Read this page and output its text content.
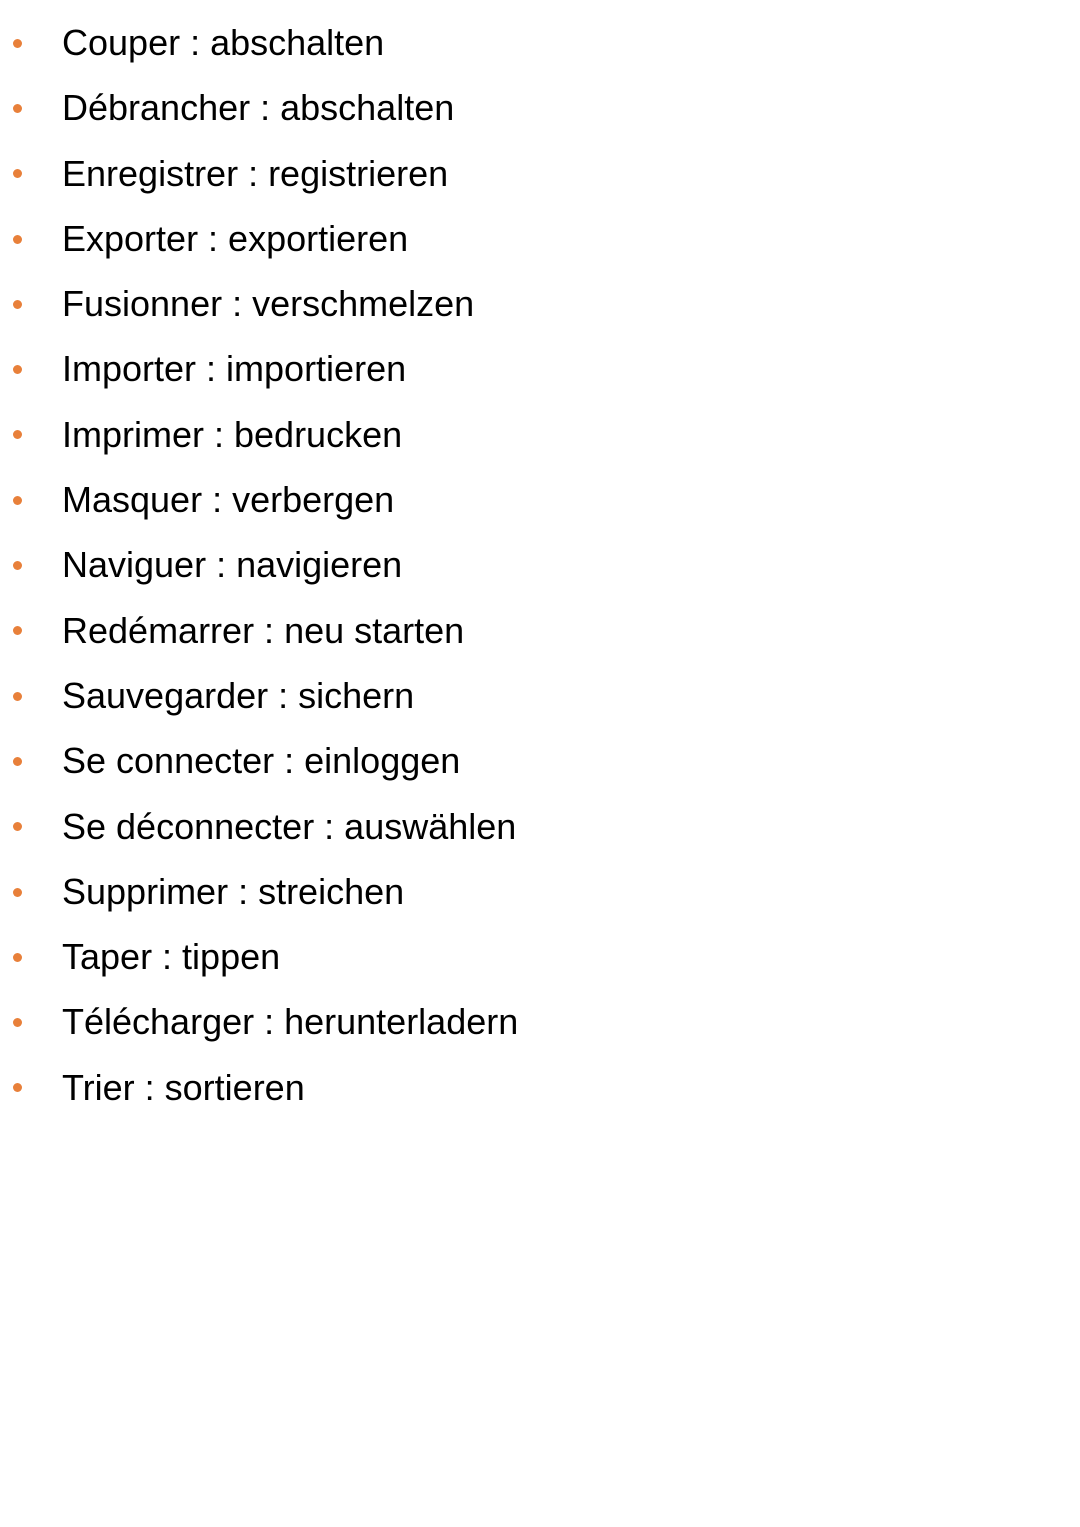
Couper : abschalten
Débrancher : abschalten
Enregistrer : registrieren
Exporter : exportieren
Fusionner : verschmelzen
Importer : importieren
Imprimer : bedrucken
Masquer : verbergen
Naviguer : navigieren
Redémarrer : neu starten
Sauvegarder : sichern
Se connecter : einloggen
Se déconnecter : auswählen
Supprimer : streichen
Taper : tippen
Télécharger : herunterladern
Trier : sortieren
